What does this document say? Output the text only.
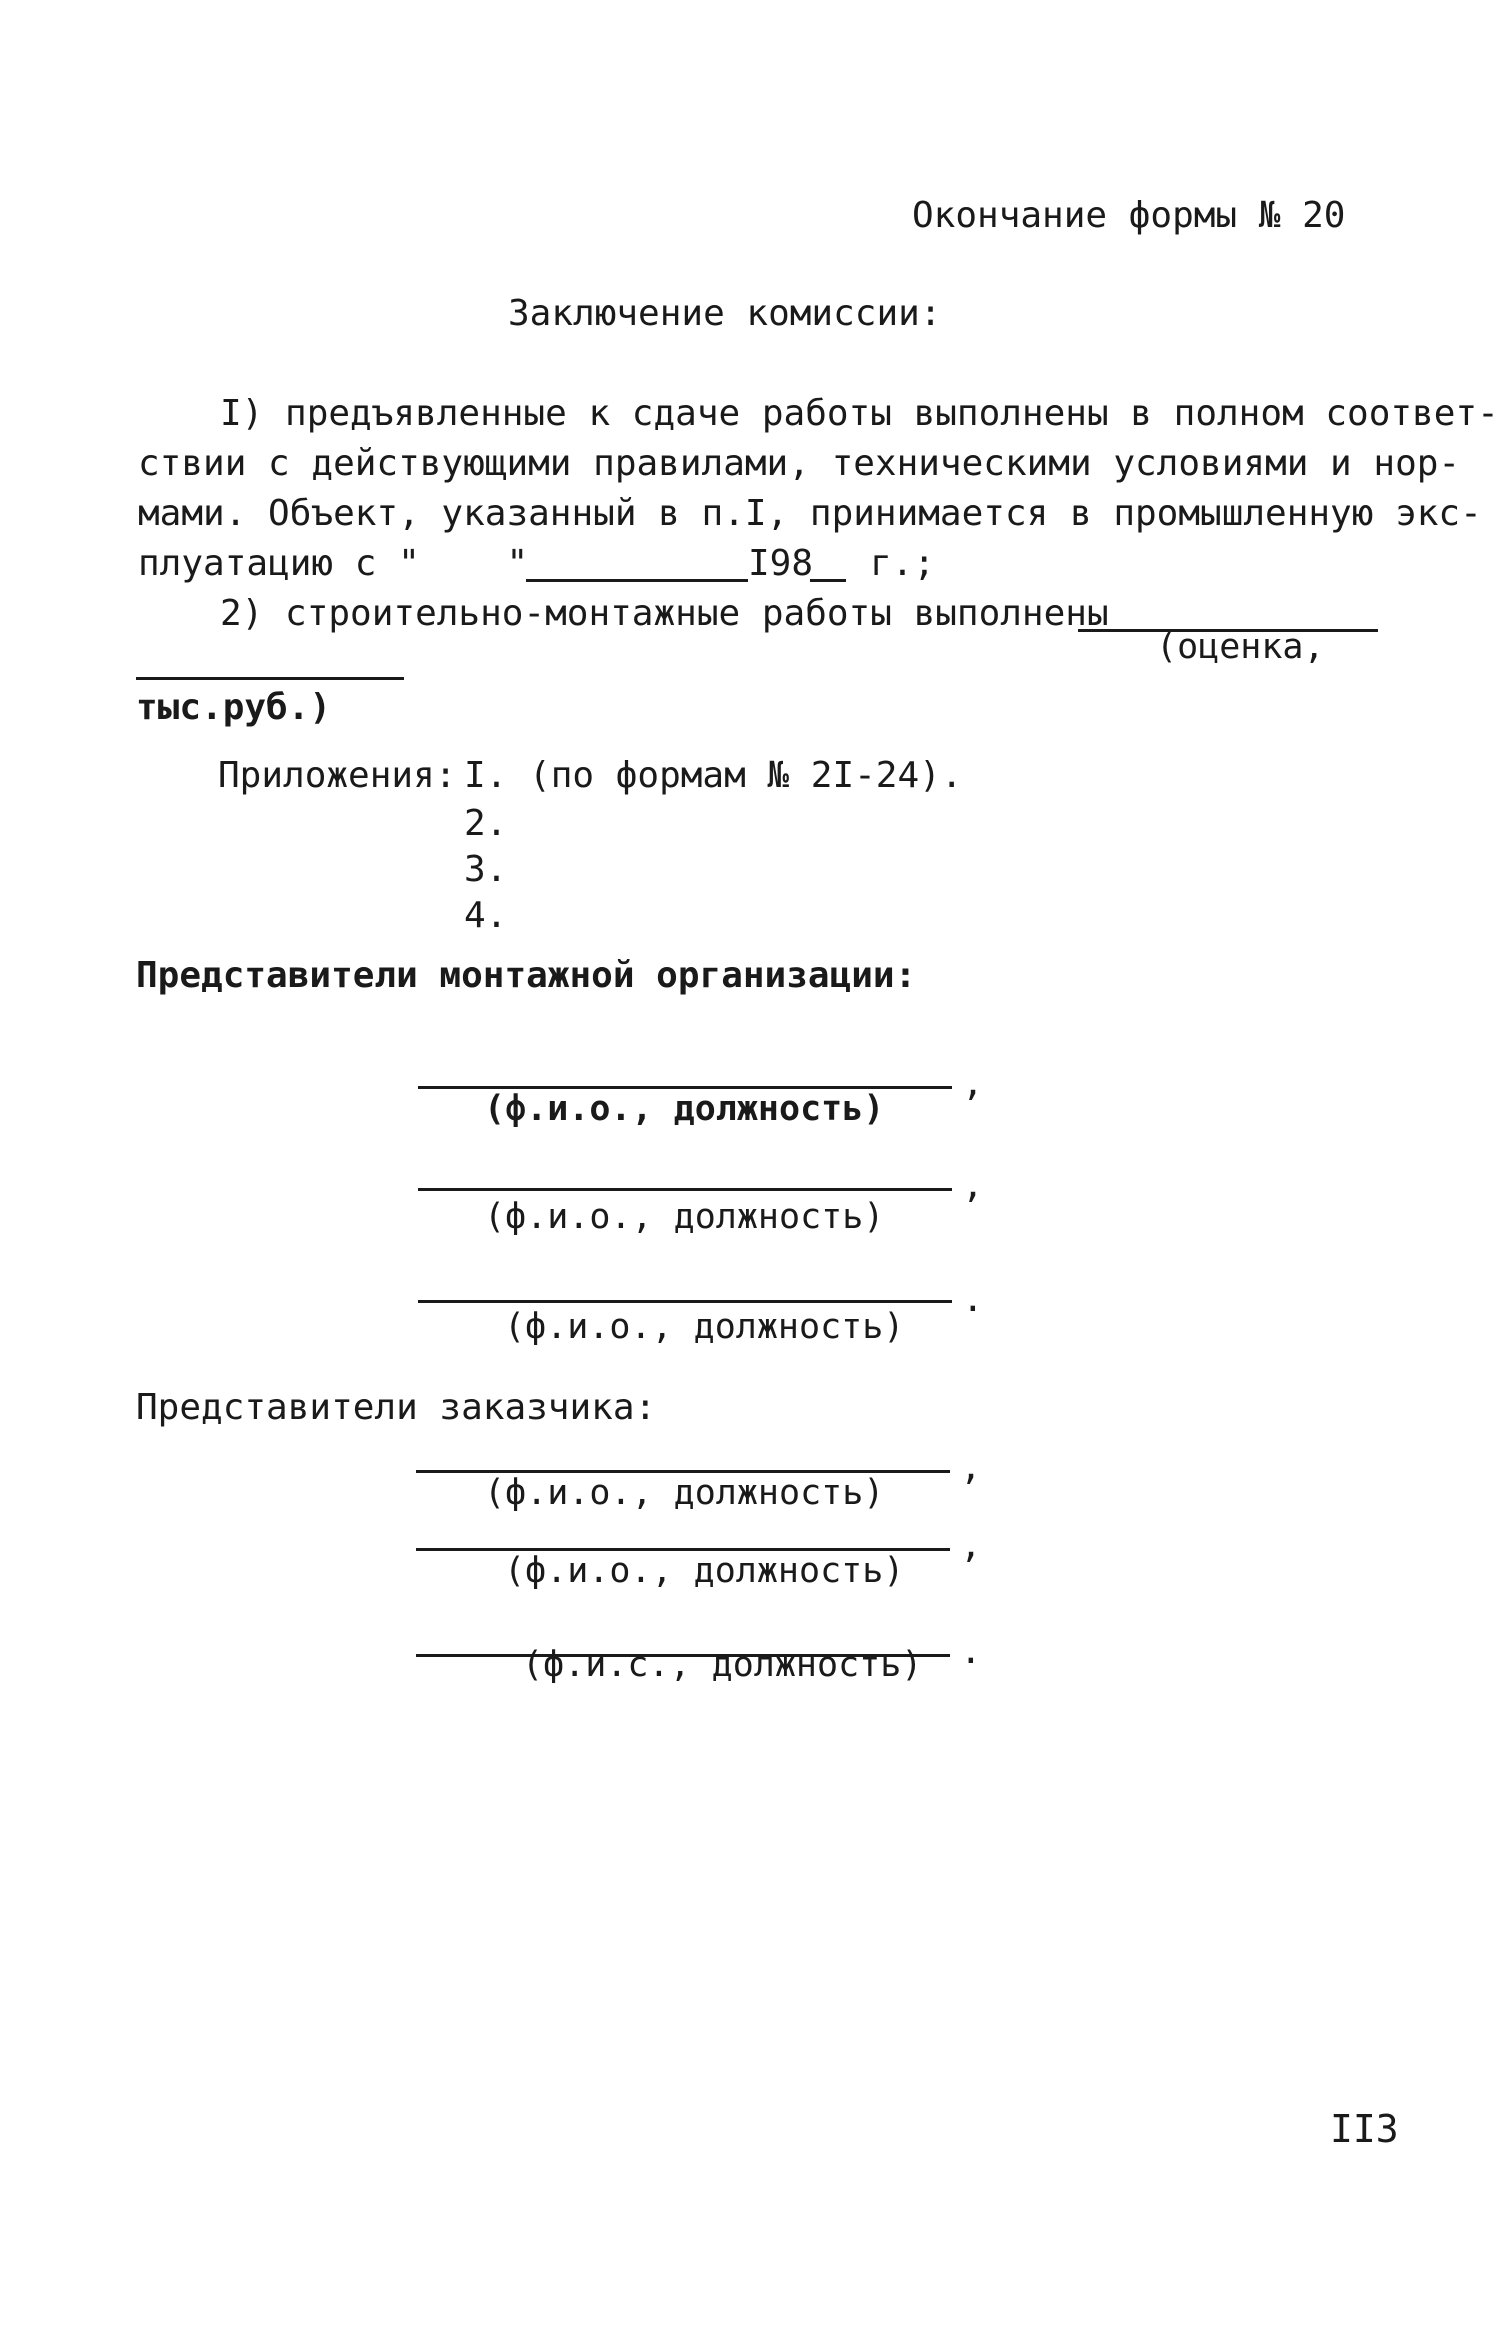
Окончание формы № 20
Заключение комиссии:
I) предъявленные к сдаче работы выполнены в полном соответ-
ствии с действующими правилами, техническими условиями и нор-
мами. Объект, указанный в п.I, принимается в промышленную экс-
плуатацию с "    "	I98 г.;
2) строительно-монтажные работы выполнены
(оценка,
тыс.руб.)
Приложения: I. (по формам № 2I-24).
2.
3.
4.
Представители монтажной организации:
,
(ф.и.о., должность)
,
(ф.и.о., должность)
.
(ф.и.о., должность)
Представители заказчика:
,
(ф.и.о., должность)
,
(ф.и.о., должность)
.
(ф.и.с., должность)
II3
